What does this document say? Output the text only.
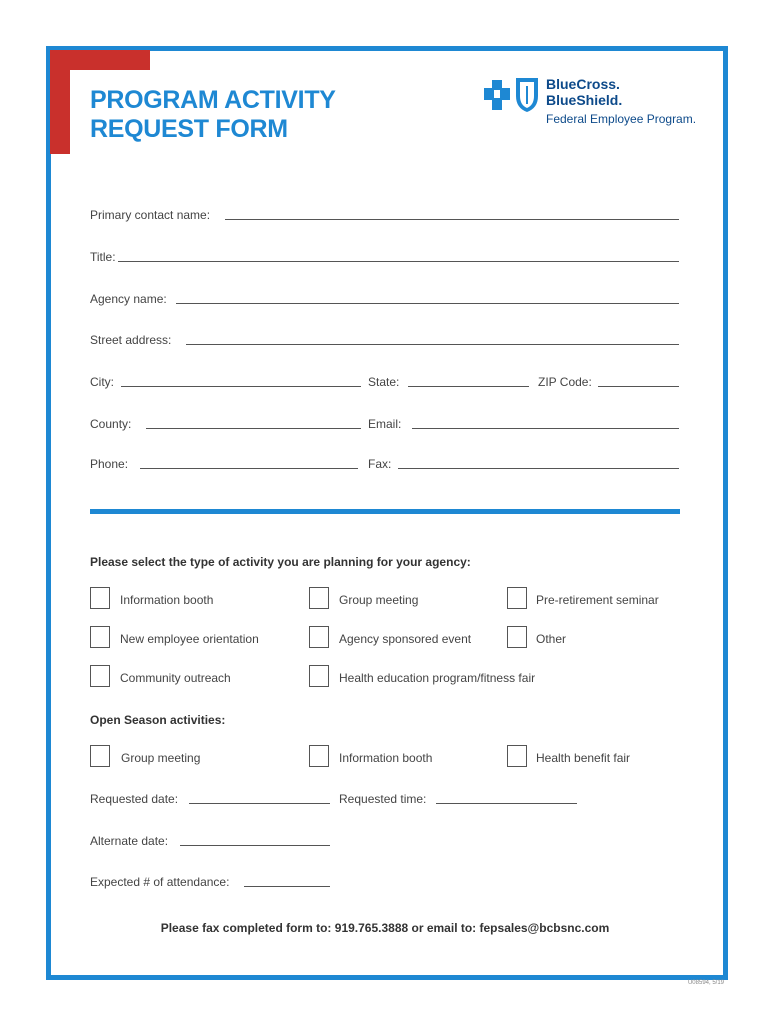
PROGRAM ACTIVITY
REQUEST FORM
BlueCross.
BlueShield.
Federal Employee Program.
Primary contact name:
Title:
Agency name:
Street address:
City:	State:	ZIP Code:
County:	Email:
Phone:	Fax:
Please select the type of activity you are planning for your agency:
Information booth	Group meeting	Pre-retirement seminar
New employee orientation	Agency sponsored event	Other
Community outreach	Health education program/fitness fair
Open Season activities:
Group meeting	Information booth	Health benefit fair
Requested date:	Requested time:
Alternate date:
Expected # of attendance:
Please fax completed form to: 919.765.3888 or email to: fepsales@bcbsnc.com
U08594, 5/19
